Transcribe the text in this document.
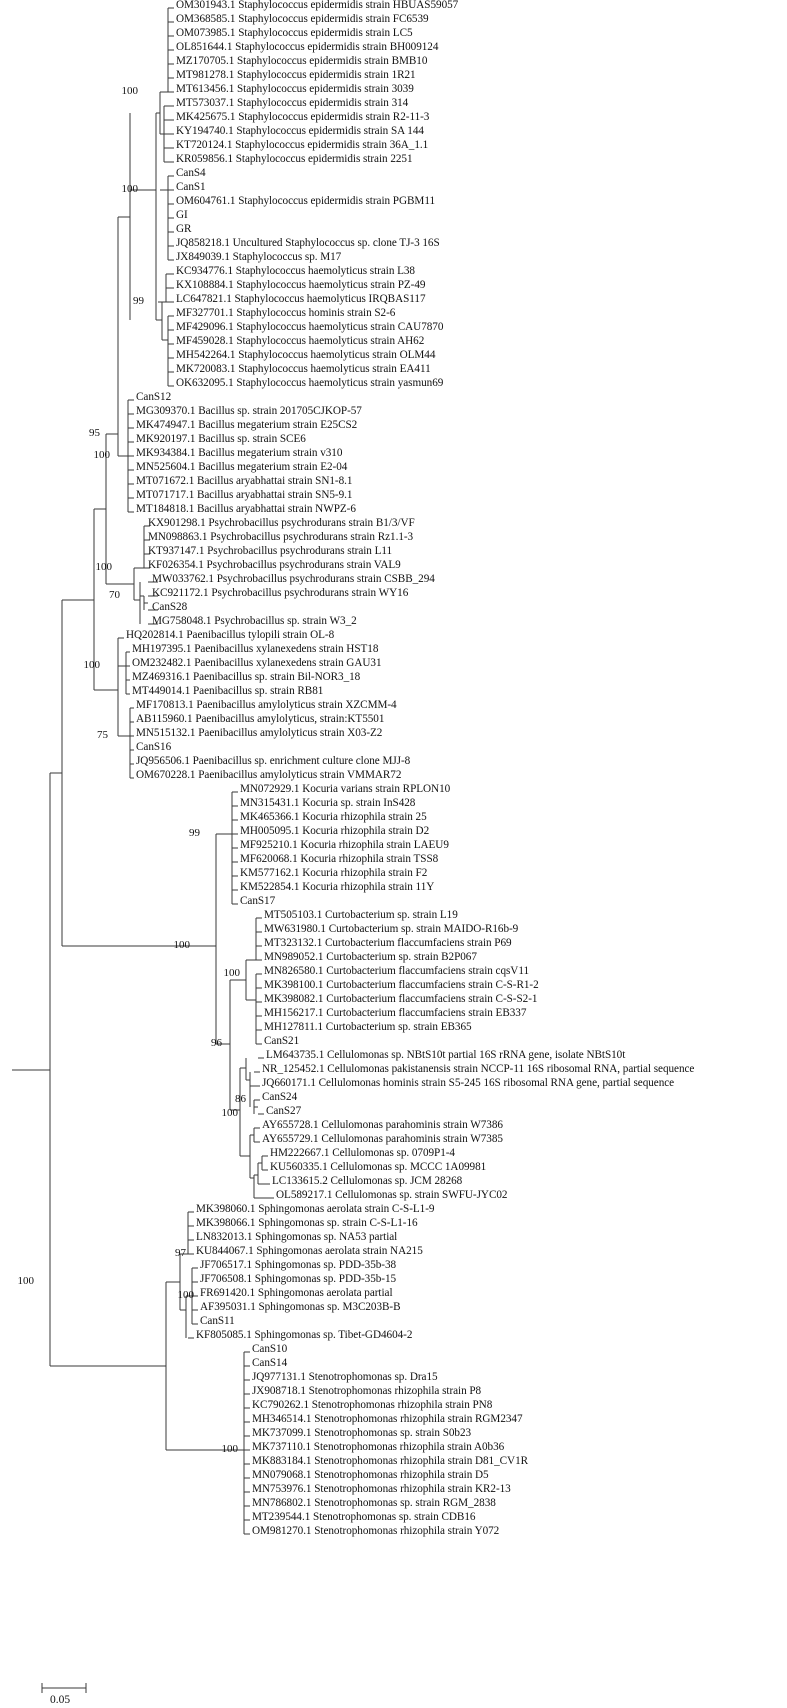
OM301943.1 Staphylococcus epidermidis strain HBUAS59057
OM368585.1 Staphylococcus epidermidis strain FC6539
OM073985.1 Staphylococcus epidermidis strain LC5
OL851644.1 Staphylococcus epidermidis strain BH009124
MZ170705.1 Staphylococcus epidermidis strain BMB10
MT981278.1 Staphylococcus epidermidis strain 1R21
MT613456.1 Staphylococcus epidermidis strain 3039
MT573037.1 Staphylococcus epidermidis strain 314
MK425675.1 Staphylococcus epidermidis strain R2-11-3
KY194740.1 Staphylococcus epidermidis strain SA 144
KT720124.1 Staphylococcus epidermidis strain 36A_1.1
KR059856.1 Staphylococcus epidermidis strain 2251
CanS4
CanS1
OM604761.1 Staphylococcus epidermidis strain PGBM11
GI
GR
JQ858218.1 Uncultured Staphylococcus sp. clone TJ-3 16S
JX849039.1 Staphylococcus sp. M17
KC934776.1 Staphylococcus haemolyticus strain L38
KX108884.1 Staphylococcus haemolyticus strain PZ-49
LC647821.1 Staphylococcus haemolyticus IRQBAS117
MF327701.1 Staphylococcus hominis strain S2-6
MF429096.1 Staphylococcus haemolyticus strain CAU7870
MF459028.1 Staphylococcus haemolyticus strain AH62
MH542264.1 Staphylococcus haemolyticus strain OLM44
MK720083.1 Staphylococcus haemolyticus strain EA411
OK632095.1 Staphylococcus haemolyticus strain yasmun69
CanS12
MG309370.1 Bacillus sp. strain 201705CJKOP-57
MK474947.1 Bacillus megaterium strain E25CS2
MK920197.1 Bacillus sp. strain SCE6
MK934384.1 Bacillus megaterium strain v310
MN525604.1 Bacillus megaterium strain E2-04
MT071672.1 Bacillus aryabhattai strain SN1-8.1
MT071717.1 Bacillus aryabhattai strain SN5-9.1
MT184818.1 Bacillus aryabhattai strain NWPZ-6
KX901298.1 Psychrobacillus psychrodurans strain B1/3/VF
MN098863.1 Psychrobacillus psychrodurans strain Rz1.1-3
KT937147.1 Psychrobacillus psychrodurans strain L11
KF026354.1 Psychrobacillus psychrodurans strain VAL9
MW033762.1 Psychrobacillus psychrodurans strain CSBB_294
KC921172.1 Psychrobacillus psychrodurans strain WY16
CanS28
MG758048.1 Psychrobacillus sp. strain W3_2
HQ202814.1 Paenibacillus tylopili strain OL-8
MH197395.1 Paenibacillus xylanexedens strain HST18
OM232482.1 Paenibacillus xylanexedens strain GAU31
MZ469316.1 Paenibacillus sp. strain Bil-NOR3_18
MT449014.1 Paenibacillus sp. strain RB81
MF170813.1 Paenibacillus amylolyticus strain XZCMM-4
AB115960.1 Paenibacillus amylolyticus, strain:KT5501
MN515132.1 Paenibacillus amylolyticus strain X03-Z2
CanS16
JQ956506.1 Paenibacillus sp. enrichment culture clone MJJ-8
OM670228.1 Paenibacillus amylolyticus strain VMMAR72
MN072929.1 Kocuria varians strain RPLON10
MN315431.1 Kocuria sp. strain InS428
MK465366.1 Kocuria rhizophila strain 25
MH005095.1 Kocuria rhizophila strain D2
MF925210.1 Kocuria rhizophila strain LAEU9
MF620068.1 Kocuria rhizophila strain TSS8
KM577162.1 Kocuria rhizophila strain F2
KM522854.1 Kocuria rhizophila strain 11Y
CanS17
MT505103.1 Curtobacterium sp. strain L19
MW631980.1 Curtobacterium sp. strain MAIDO-R16b-9
MT323132.1 Curtobacterium flaccumfaciens strain P69
MN989052.1 Curtobacterium sp. strain B2P067
MN826580.1 Curtobacterium flaccumfaciens strain cqsV11
MK398100.1 Curtobacterium flaccumfaciens strain C-S-R1-2
MK398082.1 Curtobacterium flaccumfaciens strain C-S-S2-1
MH156217.1 Curtobacterium flaccumfaciens strain EB337
MH127811.1 Curtobacterium sp. strain EB365
CanS21
LM643735.1 Cellulomonas sp. NBtS10t partial 16S rRNA gene, isolate NBtS10t
NR_125452.1 Cellulomonas pakistanensis strain NCCP-11 16S ribosomal RNA, partial sequence
JQ660171.1 Cellulomonas hominis strain S5-245 16S ribosomal RNA gene, partial sequence
CanS24
CanS27
AY655728.1 Cellulomonas parahominis strain W7386
AY655729.1 Cellulomonas parahominis strain W7385
HM222667.1 Cellulomonas sp. 0709P1-4
KU560335.1 Cellulomonas sp. MCCC 1A09981
LC133615.2 Cellulomonas sp. JCM 28268
OL589217.1 Cellulomonas sp. strain SWFU-JYC02
MK398060.1 Sphingomonas aerolata strain C-S-L1-9
MK398066.1 Sphingomonas sp. strain C-S-L1-16
LN832013.1 Sphingomonas sp. NA53 partial
KU844067.1 Sphingomonas aerolata strain NA215
JF706517.1 Sphingomonas sp. PDD-35b-38
JF706508.1 Sphingomonas sp. PDD-35b-15
FR691420.1 Sphingomonas aerolata partial
AF395031.1 Sphingomonas sp. M3C203B-B
CanS11
KF805085.1 Sphingomonas sp. Tibet-GD4604-2
CanS10
CanS14
JQ977131.1 Stenotrophomonas sp. Dra15
JX908718.1 Stenotrophomonas rhizophila strain P8
KC790262.1 Stenotrophomonas rhizophila strain PN8
MH346514.1 Stenotrophomonas rhizophila strain RGM2347
MK737099.1 Stenotrophomonas sp. strain S0b23
MK737110.1 Stenotrophomonas rhizophila strain A0b36
MK883184.1 Stenotrophomonas rhizophila strain D81_CV1R
MN079068.1 Stenotrophomonas rhizophila strain D5
MN753976.1 Stenotrophomonas rhizophila strain KR2-13
MN786802.1 Stenotrophomonas sp. strain RGM_2838
MT239544.1 Stenotrophomonas sp. strain CDB16
OM981270.1 Stenotrophomonas rhizophila strain Y072
100
100
99
95
100
100
70
100
75
99
100
100
96
86
100
97
100
100
100
0.05
